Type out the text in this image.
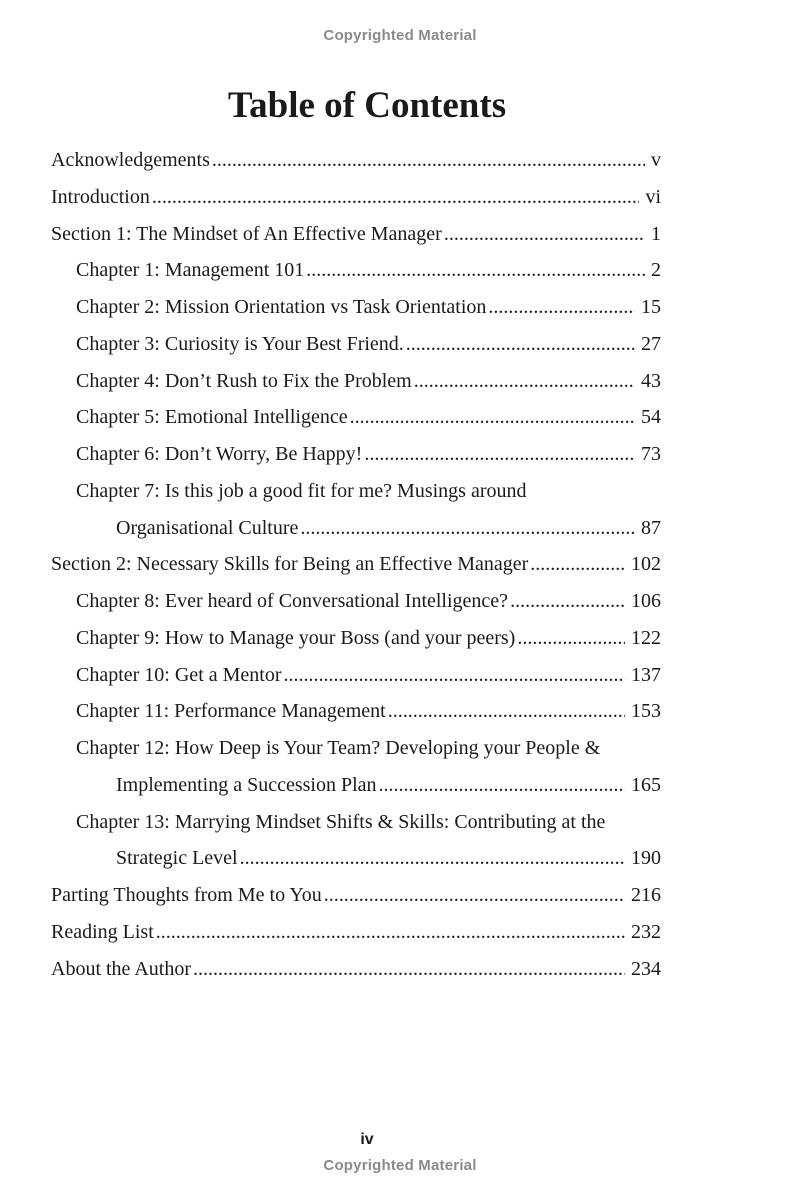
Copyrighted Material
Table of Contents
Acknowledgements .....	v
Introduction .....	vi
Section 1: The Mindset of An Effective Manager .....	1
Chapter 1: Management 101 .....	2
Chapter 2: Mission Orientation vs Task Orientation .....	15
Chapter 3: Curiosity is Your Best Friend. .....	27
Chapter 4: Don’t Rush to Fix the Problem .....	43
Chapter 5: Emotional Intelligence .....	54
Chapter 6: Don’t Worry, Be Happy! .....	73
Chapter 7: Is this job a good fit for me? Musings around
Organisational Culture .....	87
Section 2: Necessary Skills for Being an Effective Manager .....	102
Chapter 8: Ever heard of Conversational Intelligence? .....	106
Chapter 9: How to Manage your Boss (and your peers) .....	122
Chapter 10: Get a Mentor .....	137
Chapter 11: Performance Management .....	153
Chapter 12: How Deep is Your Team? Developing your People &
Implementing a Succession Plan .....	165
Chapter 13: Marrying Mindset Shifts & Skills: Contributing at the
Strategic Level .....	190
Parting Thoughts from Me to You .....	216
Reading List .....	232
About the Author .....	234
iv
Copyrighted Material
